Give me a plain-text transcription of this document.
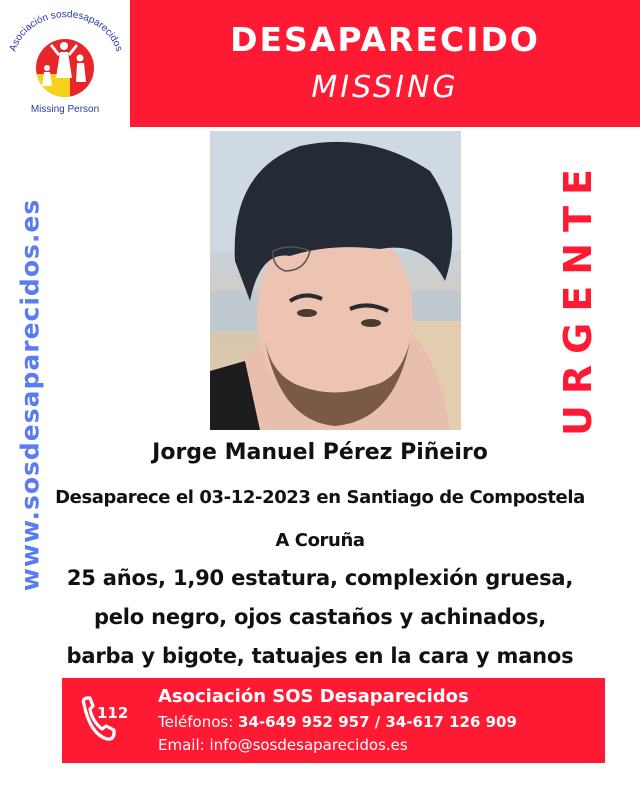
Asociación sosdesaparecidos
Missing Person
DESAPARECIDO
MISSING
www.sosdesaparecidos.es	URGENTE
Jorge Manuel Pérez Piñeiro
Desaparece el 03-12-2023 en Santiago de Compostela
A Coruña
25 años, 1,90 estatura, complexión gruesa,
pelo negro, ojos castaños y achinados,
barba y bigote, tatuajes en la cara y manos
112
Asociación SOS Desaparecidos
Teléfonos: 34-649 952 957 / 34-617 126 909
Email: info@sosdesaparecidos.es
